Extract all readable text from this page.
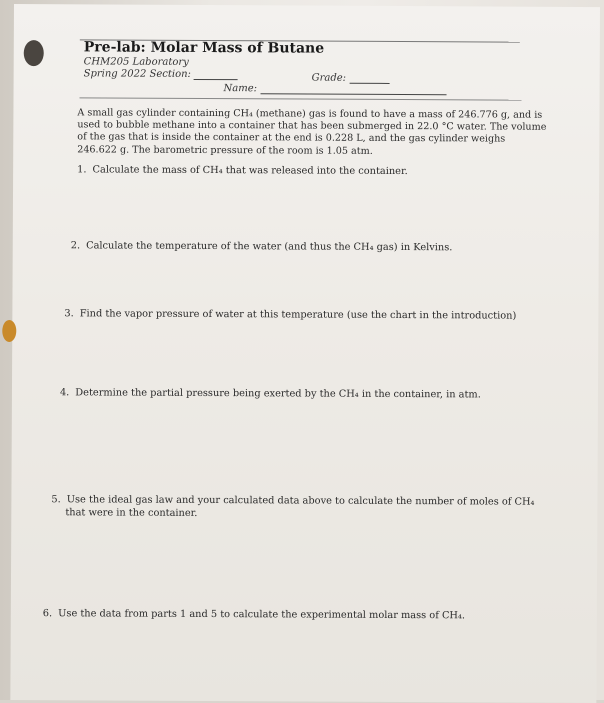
Pre-lab: Molar Mass of Butane
CHM205 Laboratory
Spring 2022 Section:	Grade:
Name:
A small gas cylinder containing CH₄ (methane) gas is found to have a mass of 246.776 g, and is used to bubble methane into a container that has been submerged in 22.0 °C water. The volume of the gas that is inside the container at the end is 0.228 L, and the gas cylinder weighs 246.622 g. The barometric pressure of the room is 1.05 atm.
1. Calculate the mass of CH₄ that was released into the container.
2. Calculate the temperature of the water (and thus the CH₄ gas) in Kelvins.
3. Find the vapor pressure of water at this temperature (use the chart in the introduction)
4. Determine the partial pressure being exerted by the CH₄ in the container, in atm.
5. Use the ideal gas law and your calculated data above to calculate the number of moles of CH₄ that were in the container.
6. Use the data from parts 1 and 5 to calculate the experimental molar mass of CH₄.
